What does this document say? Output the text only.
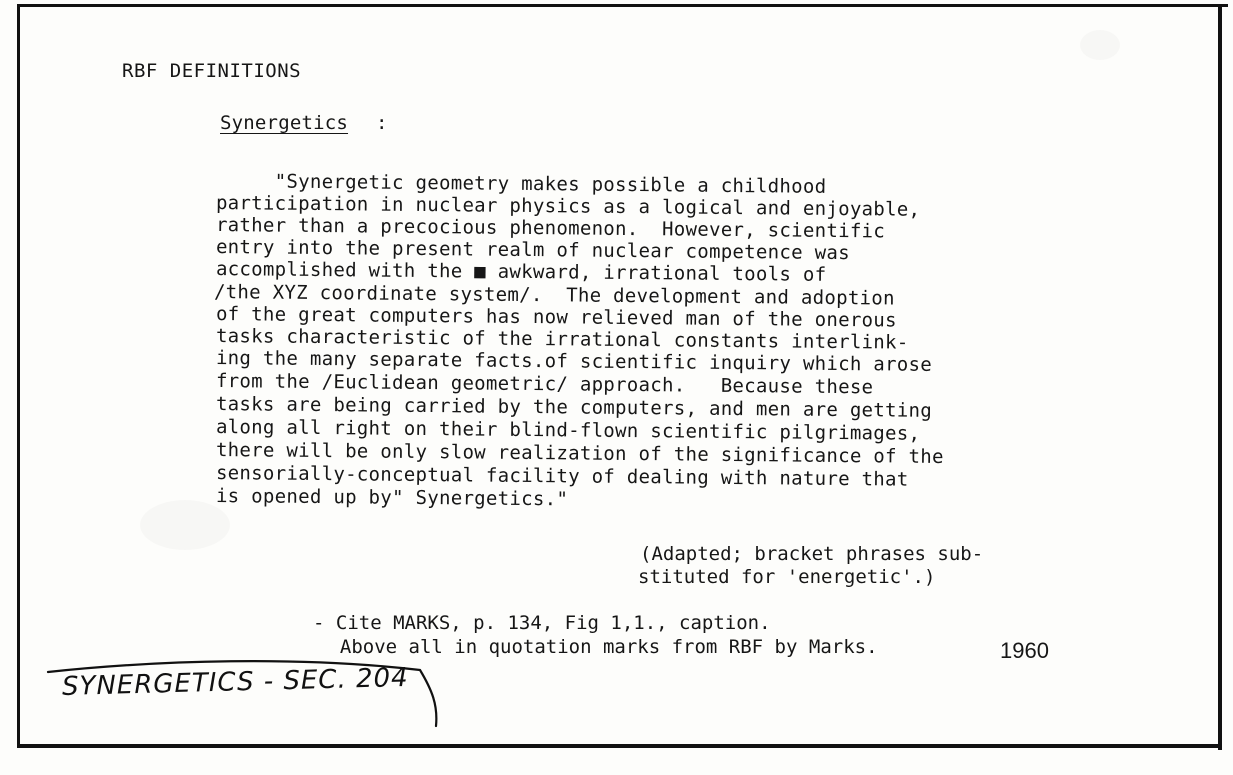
RBF DEFINITIONS
Synergetics :
"Synergetic geometry makes possible a childhood
participation in nuclear physics as a logical and enjoyable,
rather than a precocious phenomenon.  However, scientific
entry into the present realm of nuclear competence was
accomplished with the ■ awkward, irrational tools of
/the XYZ coordinate system/.  The development and adoption
of the great computers has now relieved man of the onerous
tasks characteristic of the irrational constants interlink-
ing the many separate facts.of scientific inquiry which arose
from the /Euclidean geometric/ approach.   Because these
tasks are being carried by the computers, and men are getting
along all right on their blind-flown scientific pilgrimages,
there will be only slow realization of the significance of the
sensorially-conceptual facility of dealing with nature that
is opened up by" Synergetics."
(Adapted; bracket phrases sub-
stituted for 'energetic'.)
- Cite MARKS, p. 134, Fig 1,1., caption.
Above all in quotation marks from RBF by Marks.	1960
SYNERGETICS - SEC. 204
